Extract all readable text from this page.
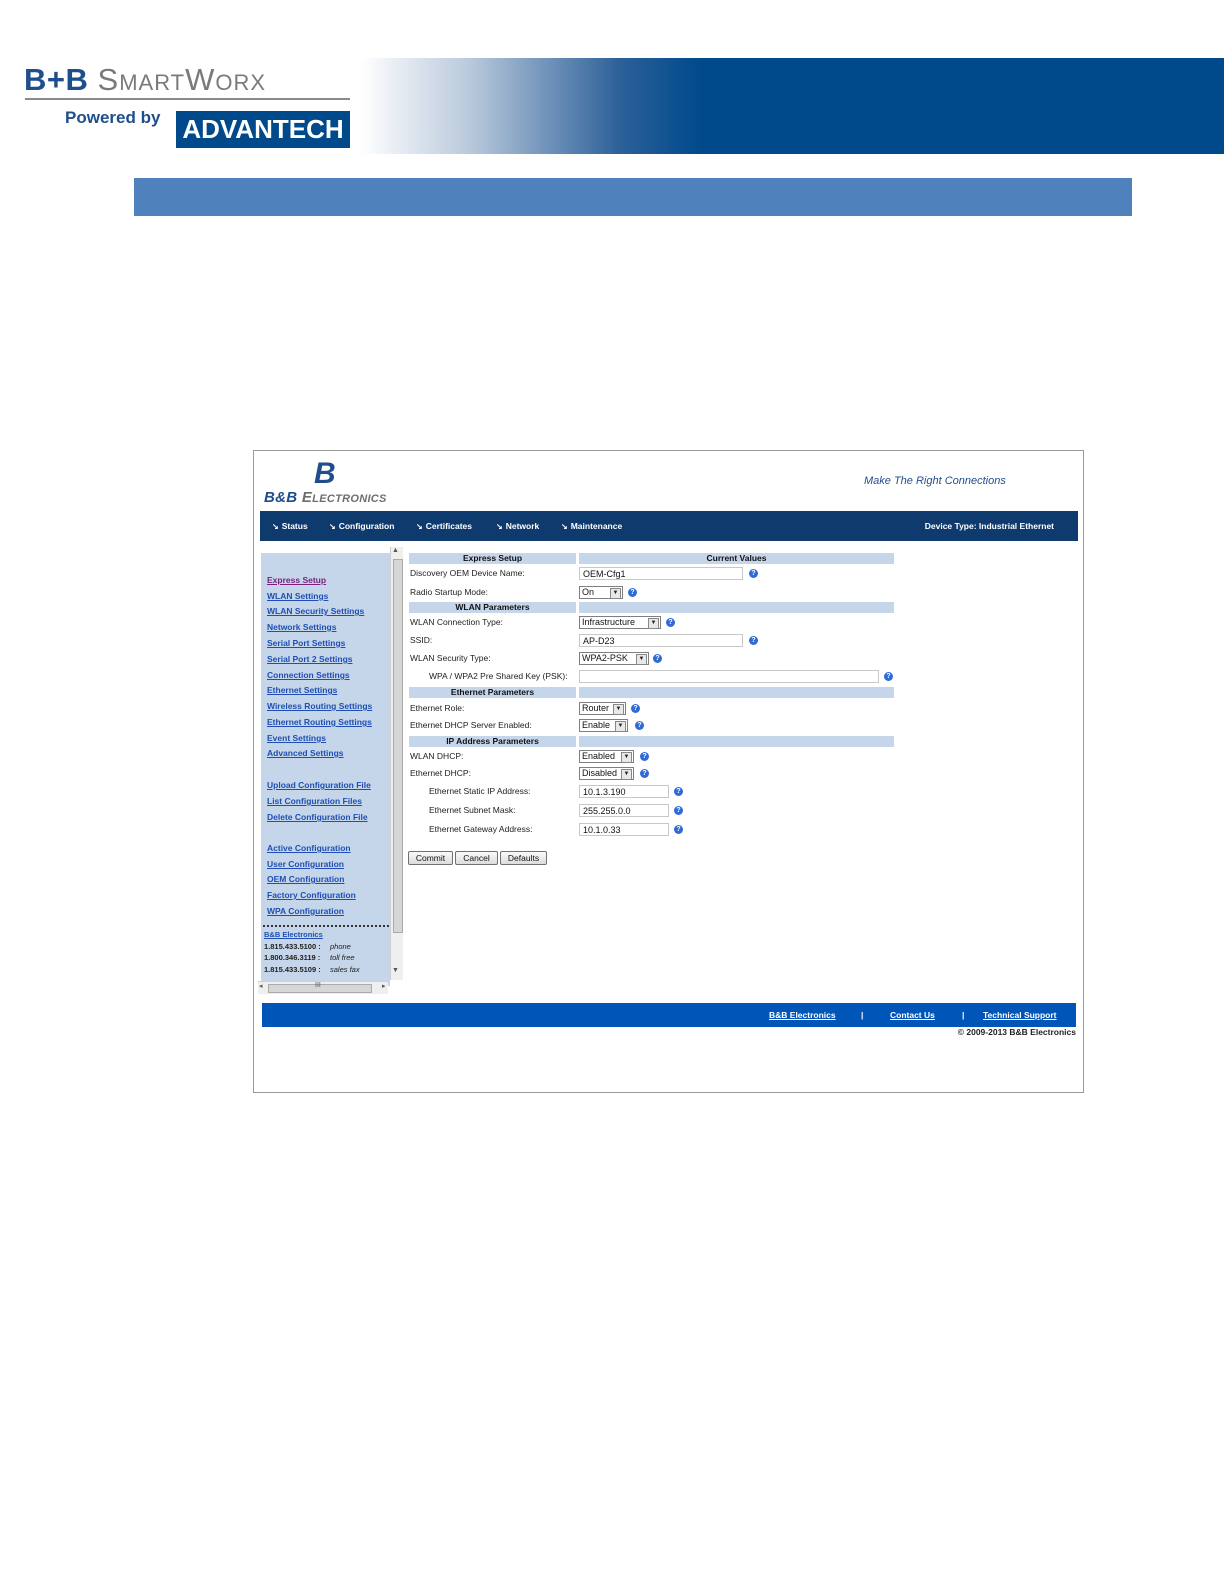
B+B SmartWorx
Powered by ADVANTECH
B
B&B Electronics
Make The Right Connections
↘ Status	↘ Configuration	↘ Certificates	↘ Network	↘ Maintenance	Device Type: Industrial Ethernet
Express Setup
WLAN Settings
WLAN Security Settings
Network Settings
Serial Port Settings
Serial Port 2 Settings
Connection Settings
Ethernet Settings
Wireless Routing Settings
Ethernet Routing Settings
Event Settings
Advanced Settings
Upload Configuration File
List Configuration Files
Delete Configuration File
Active Configuration
User Configuration
OEM Configuration
Factory Configuration
WPA Configuration
B&B Electronics
1.815.433.5100 : phone
1.800.346.3119 : toll free
1.815.433.5109 : sales fax
▲
▼
◂	III	▸
Express Setup	Current Values
Discovery OEM Device Name:	OEM-Cfg1	?
Radio Startup Mode:	On	▼	?
WLAN Parameters
WLAN Connection Type:	Infrastructure	▼	?
SSID:	AP-D23	?
WLAN Security Type:	WPA2-PSK	▼	?
WPA / WPA2 Pre Shared Key (PSK):	?
Ethernet Parameters
Ethernet Role:	Router	▼	?
Ethernet DHCP Server Enabled:	Enable	▼	?
IP Address Parameters
WLAN DHCP:	Enabled	▼	?
Ethernet DHCP:	Disabled	▼	?
Ethernet Static IP Address:	10.1.3.190	?
Ethernet Subnet Mask:	255.255.0.0	?
Ethernet Gateway Address:	10.1.0.33	?
Commit	Cancel	Defaults
B&B Electronics	|	Contact Us	| Technical Support
© 2009-2013 B&B Electronics
